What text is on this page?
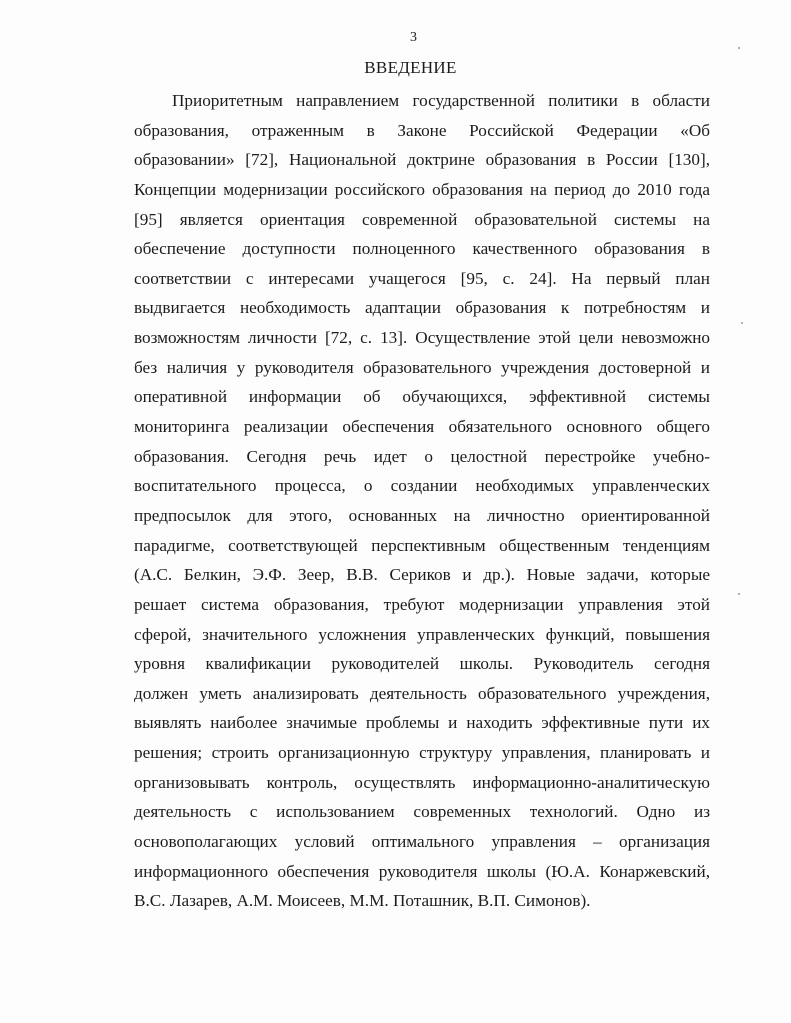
3
ВВЕДЕНИЕ
Приоритетным направлением государственной политики в области
образования, отраженным в Законе Российской Федерации «Об
образовании» [72], Национальной доктрине образования в России [130],
Концепции модернизации российского образования на период до 2010 года
[95] является ориентация современной образовательной системы на
обеспечение доступности полноценного качественного образования в
соответствии с интересами учащегося [95, с. 24]. На первый план
выдвигается необходимость адаптации образования к потребностям и
возможностям личности [72, с. 13]. Осуществление этой цели невозможно
без наличия у руководителя образовательного учреждения достоверной и
оперативной информации об обучающихся, эффективной системы
мониторинга реализации обеспечения обязательного основного общего
образования. Сегодня речь идет о целостной перестройке учебно-
воспитательного процесса, о создании необходимых управленческих
предпосылок для этого, основанных на личностно ориентированной
парадигме, соответствующей перспективным общественным тенденциям
(А.С. Белкин, Э.Ф. Зеер, В.В. Сериков и др.). Новые задачи, которые
решает система образования, требуют модернизации управления этой
сферой, значительного усложнения управленческих функций, повышения
уровня квалификации руководителей школы. Руководитель сегодня
должен уметь анализировать деятельность образовательного учреждения,
выявлять наиболее значимые проблемы и находить эффективные пути их
решения; строить организационную структуру управления, планировать и
организовывать контроль, осуществлять информационно-аналитическую
деятельность с использованием современных технологий. Одно из
основополагающих условий оптимального управления – организация
информационного обеспечения руководителя школы (Ю.А. Конаржевский,
В.С. Лазарев, А.М. Моисеев, М.М. Поташник, В.П. Симонов).
